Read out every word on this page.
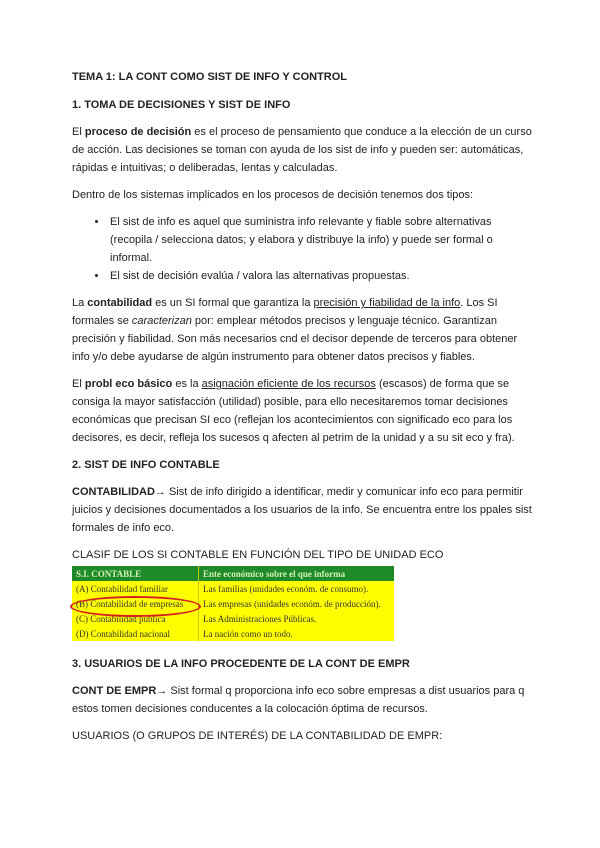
TEMA 1: LA CONT COMO SIST DE INFO Y CONTROL
1. TOMA DE DECISIONES Y SIST DE INFO

El proceso de decisión es el proceso de pensamiento que conduce a la elección de un curso de acción. Las decisiones se toman con ayuda de los sist de info y pueden ser: automáticas, rápidas e intuitivas; o deliberadas, lentas y calculadas.

Dentro de los sistemas implicados en los procesos de decisión tenemos dos tipos:

• El sist de info es aquel que suministra info relevante y fiable sobre alternativas (recopila / selecciona datos; y elabora y distribuye la info) y puede ser formal o informal.
• El sist de decisión evalúa / valora las alternativas propuestas.

La contabilidad es un SI formal que garantiza la precisión y fiabilidad de la info. Los SI formales se caracterizan por: emplear métodos precisos y lenguaje técnico. Garantizan precisión y fiabilidad. Son más necesarios cnd el decisor depende de terceros para obtener info y/o debe ayudarse de algún instrumento para obtener datos precisos y fiables.

El probl eco básico es la asignación eficiente de los recursos (escasos) de forma que se consiga la mayor satisfacción (utilidad) posible, para ello necesitaremos tomar decisiones económicas que precisan SI eco (reflejan los acontecimientos con significado eco para los decisores, es decir, refleja los sucesos q afecten al petrim de la unidad y a su sit eco y fra).

2. SIST DE INFO CONTABLE

CONTABILIDAD→ Sist de info dirigido a identificar, medir y comunicar info eco para permitir juicios y decisiones documentados a los usuarios de la info. Se encuentra entre los ppales sist formales de info eco.

CLASIF DE LOS SI CONTABLE EN FUNCIÓN DEL TIPO DE UNIDAD ECO

S.I. CONTABLE	Ente económico sobre el que informa
(A) Contabilidad familiar	Las familias (unidades económ. de consumo).

(B) Contabilidad de empresas	Las empresas (unidades económ. de producción).
(C) Contabilidad pública	Las Administraciones Públicas.
(D) Contabilidad nacional	La nación como un todo.
3. USUARIOS DE LA INFO PROCEDENTE DE LA CONT DE EMPR

CONT DE EMPR→ Sist formal q proporciona info eco sobre empresas a dist usuarios para q estos tomen decisiones conducentes a la colocación óptima de recursos.

USUARIOS (O GRUPOS DE INTERÉS) DE LA CONTABILIDAD DE EMPR:
